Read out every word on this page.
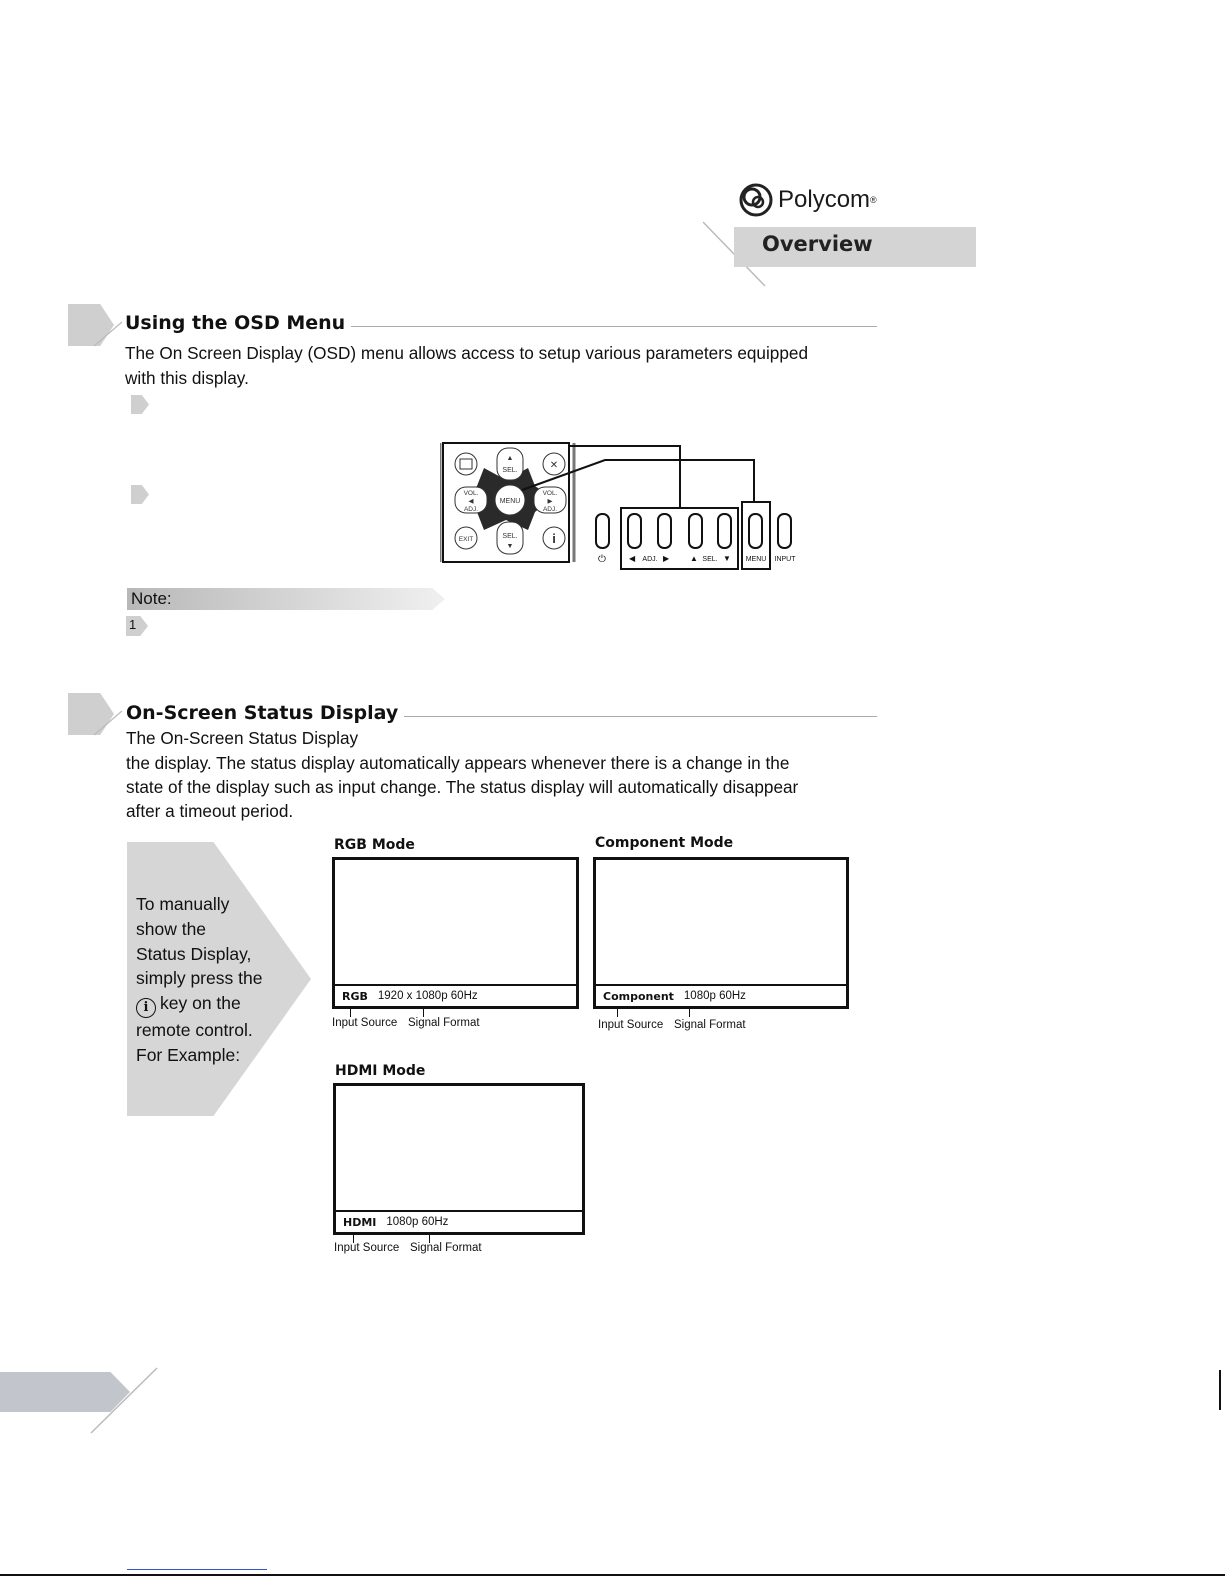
Polycom ®
Overview
Using the OSD Menu
The On Screen Display (OSD) menu allows access to setup various parameters equipped
with this display.
▲
SEL.
SEL.
▼
VOL.
◀
ADJ.
VOL.
▶
ADJ.
MENU
✕
EXIT	i
⏻	◀ ADJ. ▶	▲ SEL. ▼ MENU INPUT
Note:
1
On-Screen Status Display
The On-Screen Status Display
the display. The status display automatically appears whenever there is a change in the
state of the display such as input change. The status display will automatically disappear
after a timeout period.
To manually
show the
Status Display,
simply press the
i key on the
remote control.
For Example:
RGB Mode
RGB 1920 x 1080p 60Hz
Input Source Signal Format
Component Mode
Component 1080p 60Hz
Input Source Signal Format
HDMI Mode
HDMI 1080p 60Hz
Input Source Signal Format
